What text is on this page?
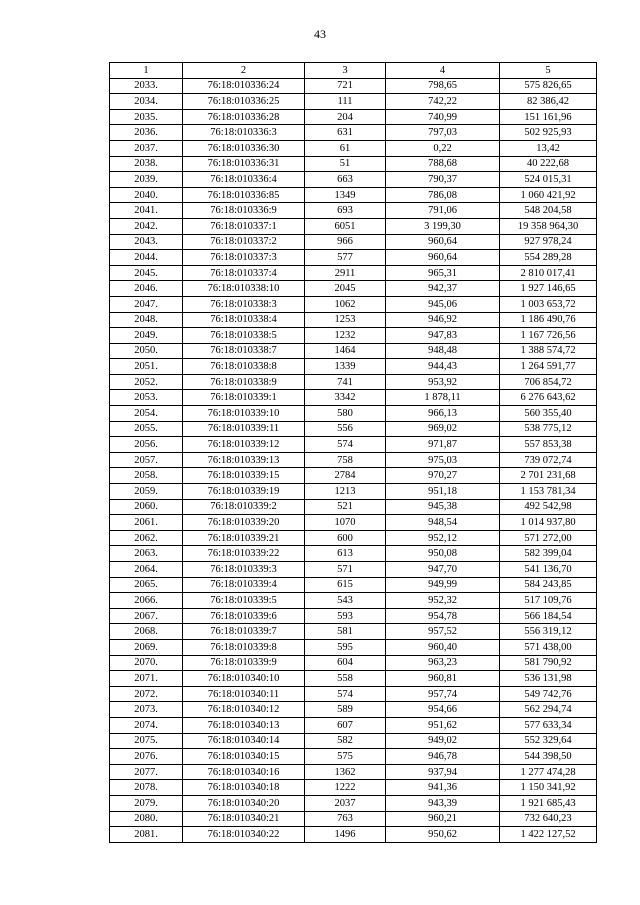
43
1	2	3	4	5
2033.	76:18:010336:24	721	798,65	575 826,65
2034.	76:18:010336:25	111	742,22	82 386,42
2035.	76:18:010336:28	204	740,99	151 161,96
2036.	76:18:010336:3	631	797,03	502 925,93
2037.	76:18:010336:30	61	0,22	13,42
2038.	76:18:010336:31	51	788,68	40 222,68
2039.	76:18:010336:4	663	790,37	524 015,31
2040.	76:18:010336:85	1349	786,08	1 060 421,92
2041.	76:18:010336:9	693	791,06	548 204,58
2042.	76:18:010337:1	6051	3 199,30	19 358 964,30
2043.	76:18:010337:2	966	960,64	927 978,24
2044.	76:18:010337:3	577	960,64	554 289,28
2045.	76:18:010337:4	2911	965,31	2 810 017,41
2046.	76:18:010338:10	2045	942,37	1 927 146,65
2047.	76:18:010338:3	1062	945,06	1 003 653,72
2048.	76:18:010338:4	1253	946,92	1 186 490,76
2049.	76:18:010338:5	1232	947,83	1 167 726,56
2050.	76:18:010338:7	1464	948,48	1 388 574,72
2051.	76:18:010338:8	1339	944,43	1 264 591,77
2052.	76:18:010338:9	741	953,92	706 854,72
2053.	76:18:010339:1	3342	1 878,11	6 276 643,62
2054.	76:18:010339:10	580	966,13	560 355,40
2055.	76:18:010339:11	556	969,02	538 775,12
2056.	76:18:010339:12	574	971,87	557 853,38
2057.	76:18:010339:13	758	975,03	739 072,74
2058.	76:18:010339:15	2784	970,27	2 701 231,68
2059.	76:18:010339:19	1213	951,18	1 153 781,34
2060.	76:18:010339:2	521	945,38	492 542,98
2061.	76:18:010339:20	1070	948,54	1 014 937,80
2062.	76:18:010339:21	600	952,12	571 272,00
2063.	76:18:010339:22	613	950,08	582 399,04
2064.	76:18:010339:3	571	947,70	541 136,70
2065.	76:18:010339:4	615	949,99	584 243,85
2066.	76:18:010339:5	543	952,32	517 109,76
2067.	76:18:010339:6	593	954,78	566 184,54
2068.	76:18:010339:7	581	957,52	556 319,12
2069.	76:18:010339:8	595	960,40	571 438,00
2070.	76:18:010339:9	604	963,23	581 790,92
2071.	76:18:010340:10	558	960,81	536 131,98
2072.	76:18:010340:11	574	957,74	549 742,76
2073.	76:18:010340:12	589	954,66	562 294,74
2074.	76:18:010340:13	607	951,62	577 633,34
2075.	76:18:010340:14	582	949,02	552 329,64
2076.	76:18:010340:15	575	946,78	544 398,50
2077.	76:18:010340:16	1362	937,94	1 277 474,28
2078.	76:18:010340:18	1222	941,36	1 150 341,92
2079.	76:18:010340:20	2037	943,39	1 921 685,43
2080.	76:18:010340:21	763	960,21	732 640,23
2081.	76:18:010340:22	1496	950,62	1 422 127,52
